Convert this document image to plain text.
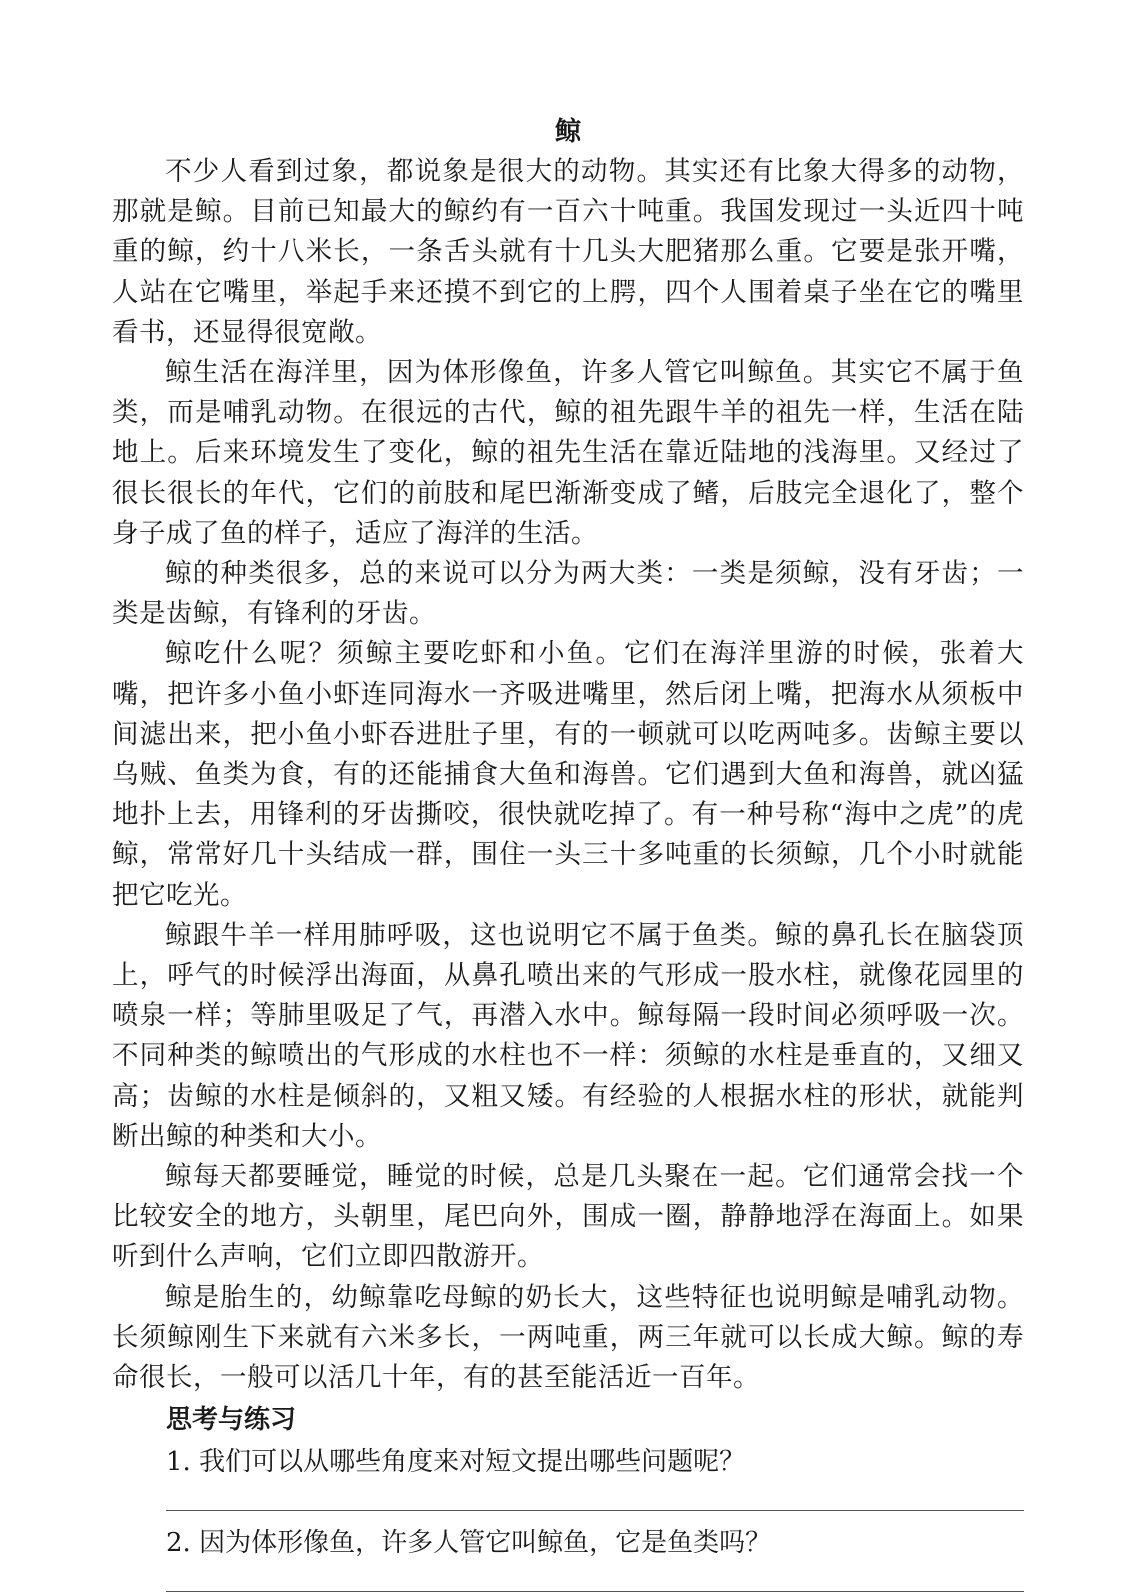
鲸

不少人看到过象，都说象是很大的动物。其实还有比象大得多的动物，那就是鲸。目前已知最大的鲸约有一百六十吨重。我国发现过一头近四十吨重的鲸，约十八米长，一条舌头就有十几头大肥猪那么重。它要是张开嘴，人站在它嘴里，举起手来还摸不到它的上腭，四个人围着桌子坐在它的嘴里看书，还显得很宽敞。

鲸生活在海洋里，因为体形像鱼，许多人管它叫鲸鱼。其实它不属于鱼类，而是哺乳动物。在很远的古代，鲸的祖先跟牛羊的祖先一样，生活在陆地上。后来环境发生了变化，鲸的祖先生活在靠近陆地的浅海里。又经过了很长很长的年代，它们的前肢和尾巴渐渐变成了鳍，后肢完全退化了，整个身子成了鱼的样子，适应了海洋的生活。

鲸的种类很多，总的来说可以分为两大类：一类是须鲸，没有牙齿；一类是齿鲸，有锋利的牙齿。

鲸吃什么呢？须鲸主要吃虾和小鱼。它们在海洋里游的时候，张着大嘴，把许多小鱼小虾连同海水一齐吸进嘴里，然后闭上嘴，把海水从须板中间滤出来，把小鱼小虾吞进肚子里，有的一顿就可以吃两吨多。齿鲸主要以乌贼、鱼类为食，有的还能捕食大鱼和海兽。它们遇到大鱼和海兽，就凶猛地扑上去，用锋利的牙齿撕咬，很快就吃掉了。有一种号称“海中之虎”的虎鲸，常常好几十头结成一群，围住一头三十多吨重的长须鲸，几个小时就能把它吃光。

鲸跟牛羊一样用肺呼吸，这也说明它不属于鱼类。鲸的鼻孔长在脑袋顶上，呼气的时候浮出海面，从鼻孔喷出来的气形成一股水柱，就像花园里的喷泉一样；等肺里吸足了气，再潜入水中。鲸每隔一段时间必须呼吸一次。不同种类的鲸喷出的气形成的水柱也不一样：须鲸的水柱是垂直的，又细又高；齿鲸的水柱是倾斜的，又粗又矮。有经验的人根据水柱的形状，就能判断出鲸的种类和大小。

鲸每天都要睡觉，睡觉的时候，总是几头聚在一起。它们通常会找一个比较安全的地方，头朝里，尾巴向外，围成一圈，静静地浮在海面上。如果听到什么声响，它们立即四散游开。

鲸是胎生的，幼鲸靠吃母鲸的奶长大，这些特征也说明鲸是哺乳动物。长须鲸刚生下来就有六米多长，一两吨重，两三年就可以长成大鲸。鲸的寿命很长，一般可以活几十年，有的甚至能活近一百年。

思考与练习
1. 我们可以从哪些角度来对短文提出哪些问题呢？
2. 因为体形像鱼，许多人管它叫鲸鱼，它是鱼类吗？
